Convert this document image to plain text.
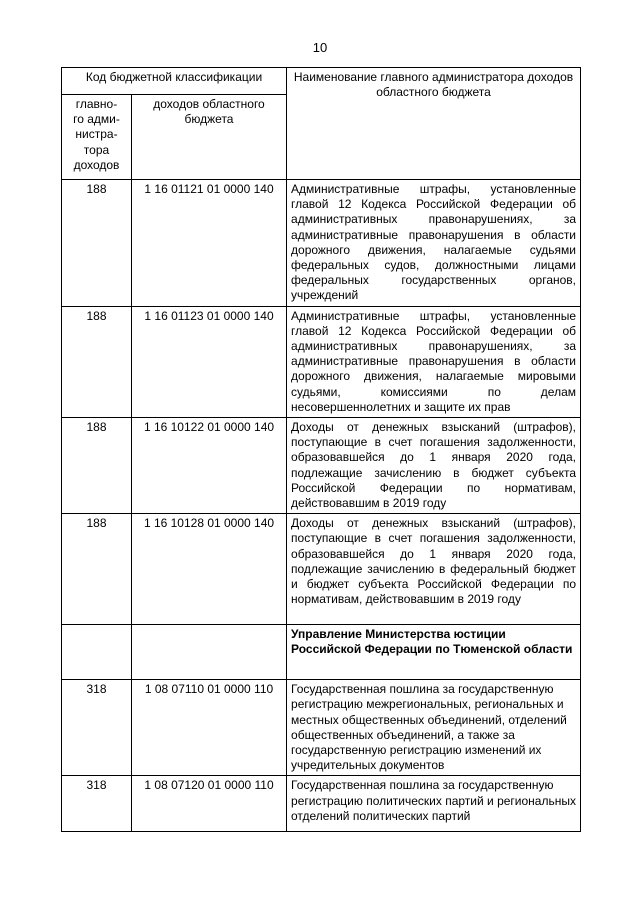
10
Код бюджетной классификации		Наименование главного администратора доходов областного бюджета
главно-
го адми-
нистра-
тора
доходов	доходов областного бюджета	
188	1 16 01121 01 0000 140	Административные штрафы, установленные главой 12 Кодекса Российской Федерации об административных правонарушениях, за административные правонарушения в области дорожного движения, налагаемые судьями федеральных судов, должностными лицами федеральных государственных органов, учреждений
188	1 16 01123 01 0000 140	Административные штрафы, установленные главой 12 Кодекса Российской Федерации об административных правонарушениях, за административные правонарушения в области дорожного движения, налагаемые мировыми судьями, комиссиями по делам несовершеннолетних и защите их прав
188	1 16 10122 01 0000 140	Доходы от денежных взысканий (штрафов), поступающие в счет погашения задолженности, образовавшейся до 1 января 2020 года, подлежащие зачислению в бюджет субъекта Российской Федерации по нормативам, действовавшим в 2019 году
188	1 16 10128 01 0000 140	Доходы от денежных взысканий (штрафов), поступающие в счет погашения задолженности, образовавшейся до 1 января 2020 года, подлежащие зачислению в федеральный бюджет и бюджет субъекта Российской Федерации по нормативам, действовавшим в 2019 году
		Управление Министерства юстиции Российской Федерации по Тюменской области
318	1 08 07110 01 0000 110	Государственная пошлина за государственную регистрацию межрегиональных, региональных и местных общественных объединений, отделений общественных объединений, а также за государственную регистрацию изменений их учредительных документов
318	1 08 07120 01 0000 110	Государственная пошлина за государственную регистрацию политических партий и региональных отделений политических партий
